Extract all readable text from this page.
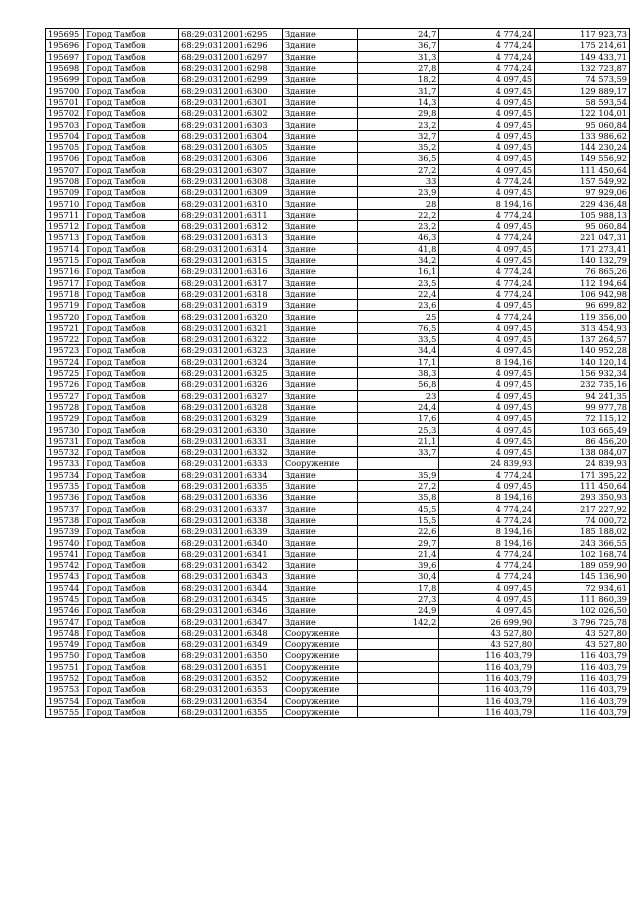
195695	Город Тамбов	68:29:0312001:6295	Здание	24,7	4 774,24	117 923,73
195696	Город Тамбов	68:29:0312001:6296	Здание	36,7	4 774,24	175 214,61
195697	Город Тамбов	68:29:0312001:6297	Здание	31,3	4 774,24	149 433,71
195698	Город Тамбов	68:29:0312001:6298	Здание	27,8	4 774,24	132 723,87
195699	Город Тамбов	68:29:0312001:6299	Здание	18,2	4 097,45	74 573,59
195700	Город Тамбов	68:29:0312001:6300	Здание	31,7	4 097,45	129 889,17
195701	Город Тамбов	68:29:0312001:6301	Здание	14,3	4 097,45	58 593,54
195702	Город Тамбов	68:29:0312001:6302	Здание	29,8	4 097,45	122 104,01
195703	Город Тамбов	68:29:0312001:6303	Здание	23,2	4 097,45	95 060,84
195704	Город Тамбов	68:29:0312001:6304	Здание	32,7	4 097,45	133 986,62
195705	Город Тамбов	68:29:0312001:6305	Здание	35,2	4 097,45	144 230,24
195706	Город Тамбов	68:29:0312001:6306	Здание	36,5	4 097,45	149 556,92
195707	Город Тамбов	68:29:0312001:6307	Здание	27,2	4 097,45	111 450,64
195708	Город Тамбов	68:29:0312001:6308	Здание	33	4 774,24	157 549,92
195709	Город Тамбов	68:29:0312001:6309	Здание	23,9	4 097,45	97 929,06
195710	Город Тамбов	68:29:0312001:6310	Здание	28	8 194,16	229 436,48
195711	Город Тамбов	68:29:0312001:6311	Здание	22,2	4 774,24	105 988,13
195712	Город Тамбов	68:29:0312001:6312	Здание	23,2	4 097,45	95 060,84
195713	Город Тамбов	68:29:0312001:6313	Здание	46,3	4 774,24	221 047,31
195714	Город Тамбов	68:29:0312001:6314	Здание	41,8	4 097,45	171 273,41
195715	Город Тамбов	68:29:0312001:6315	Здание	34,2	4 097,45	140 132,79
195716	Город Тамбов	68:29:0312001:6316	Здание	16,1	4 774,24	76 865,26
195717	Город Тамбов	68:29:0312001:6317	Здание	23,5	4 774,24	112 194,64
195718	Город Тамбов	68:29:0312001:6318	Здание	22,4	4 774,24	106 942,98
195719	Город Тамбов	68:29:0312001:6319	Здание	23,6	4 097,45	96 699,82
195720	Город Тамбов	68:29:0312001:6320	Здание	25	4 774,24	119 356,00
195721	Город Тамбов	68:29:0312001:6321	Здание	76,5	4 097,45	313 454,93
195722	Город Тамбов	68:29:0312001:6322	Здание	33,5	4 097,45	137 264,57
195723	Город Тамбов	68:29:0312001:6323	Здание	34,4	4 097,45	140 952,28
195724	Город Тамбов	68:29:0312001:6324	Здание	17,1	8 194,16	140 120,14
195725	Город Тамбов	68:29:0312001:6325	Здание	38,3	4 097,45	156 932,34
195726	Город Тамбов	68:29:0312001:6326	Здание	56,8	4 097,45	232 735,16
195727	Город Тамбов	68:29:0312001:6327	Здание	23	4 097,45	94 241,35
195728	Город Тамбов	68:29:0312001:6328	Здание	24,4	4 097,45	99 977,78
195729	Город Тамбов	68:29:0312001:6329	Здание	17,6	4 097,45	72 115,12
195730	Город Тамбов	68:29:0312001:6330	Здание	25,3	4 097,45	103 665,49
195731	Город Тамбов	68:29:0312001:6331	Здание	21,1	4 097,45	86 456,20
195732	Город Тамбов	68:29:0312001:6332	Здание	33,7	4 097,45	138 084,07
195733	Город Тамбов	68:29:0312001:6333	Сооружение		24 839,93	24 839,93
195734	Город Тамбов	68:29:0312001:6334	Здание	35,9	4 774,24	171 395,22
195735	Город Тамбов	68:29:0312001:6335	Здание	27,2	4 097,45	111 450,64
195736	Город Тамбов	68:29:0312001:6336	Здание	35,8	8 194,16	293 350,93
195737	Город Тамбов	68:29:0312001:6337	Здание	45,5	4 774,24	217 227,92
195738	Город Тамбов	68:29:0312001:6338	Здание	15,5	4 774,24	74 000,72
195739	Город Тамбов	68:29:0312001:6339	Здание	22,6	8 194,16	185 188,02
195740	Город Тамбов	68:29:0312001:6340	Здание	29,7	8 194,16	243 366,55
195741	Город Тамбов	68:29:0312001:6341	Здание	21,4	4 774,24	102 168,74
195742	Город Тамбов	68:29:0312001:6342	Здание	39,6	4 774,24	189 059,90
195743	Город Тамбов	68:29:0312001:6343	Здание	30,4	4 774,24	145 136,90
195744	Город Тамбов	68:29:0312001:6344	Здание	17,8	4 097,45	72 934,61
195745	Город Тамбов	68:29:0312001:6345	Здание	27,3	4 097,45	111 860,39
195746	Город Тамбов	68:29:0312001:6346	Здание	24,9	4 097,45	102 026,50
195747	Город Тамбов	68:29:0312001:6347	Здание	142,2	26 699,90	3 796 725,78
195748	Город Тамбов	68:29:0312001:6348	Сооружение		43 527,80	43 527,80
195749	Город Тамбов	68:29:0312001:6349	Сооружение		43 527,80	43 527,80
195750	Город Тамбов	68:29:0312001:6350	Сооружение		116 403,79	116 403,79
195751	Город Тамбов	68:29:0312001:6351	Сооружение		116 403,79	116 403,79
195752	Город Тамбов	68:29:0312001:6352	Сооружение		116 403,79	116 403,79
195753	Город Тамбов	68:29:0312001:6353	Сооружение		116 403,79	116 403,79
195754	Город Тамбов	68:29:0312001:6354	Сооружение		116 403,79	116 403,79
195755	Город Тамбов	68:29:0312001:6355	Сооружение		116 403,79	116 403,79
